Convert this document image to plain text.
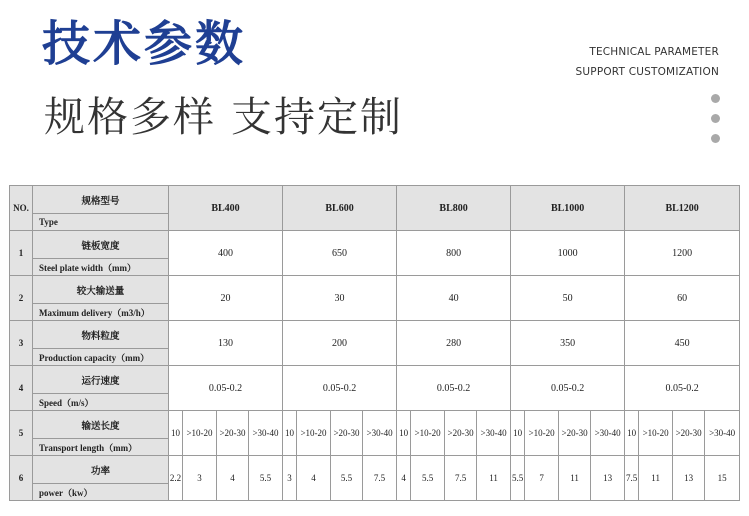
技术参数
规格多样 支持定制
TECHNICAL PARAMETER
SUPPORT CUSTOMIZATION
NO.	规格型号	BL400				BL600				BL800				BL1000				BL1200			
	Type																				
1	链板宽度	400				650				800				1000				1200			
	Steel plate width（mm）																				
2	较大输送量	20				30				40				50				60			
	Maximum delivery（m3/h）																				
3	物料粒度	130				200				280				350				450			
	Production capacity（mm）																				
4	运行速度	0.05-0.2				0.05-0.2				0.05-0.2				0.05-0.2				0.05-0.2			
	Speed（m/s）																				
5	输送长度	10	>10-20	>20-30	>30-40	10	>10-20	>20-30	>30-40	10	>10-20	>20-30	>30-40	10	>10-20	>20-30	>30-40	10	>10-20	>20-30	>30-40
	Transport length（mm）																				
6	功率	2.2	3	4	5.5	3	4	5.5	7.5	4	5.5	7.5	11	5.5	7	11	13	7.5	11	13	15
	power（kw）																				
